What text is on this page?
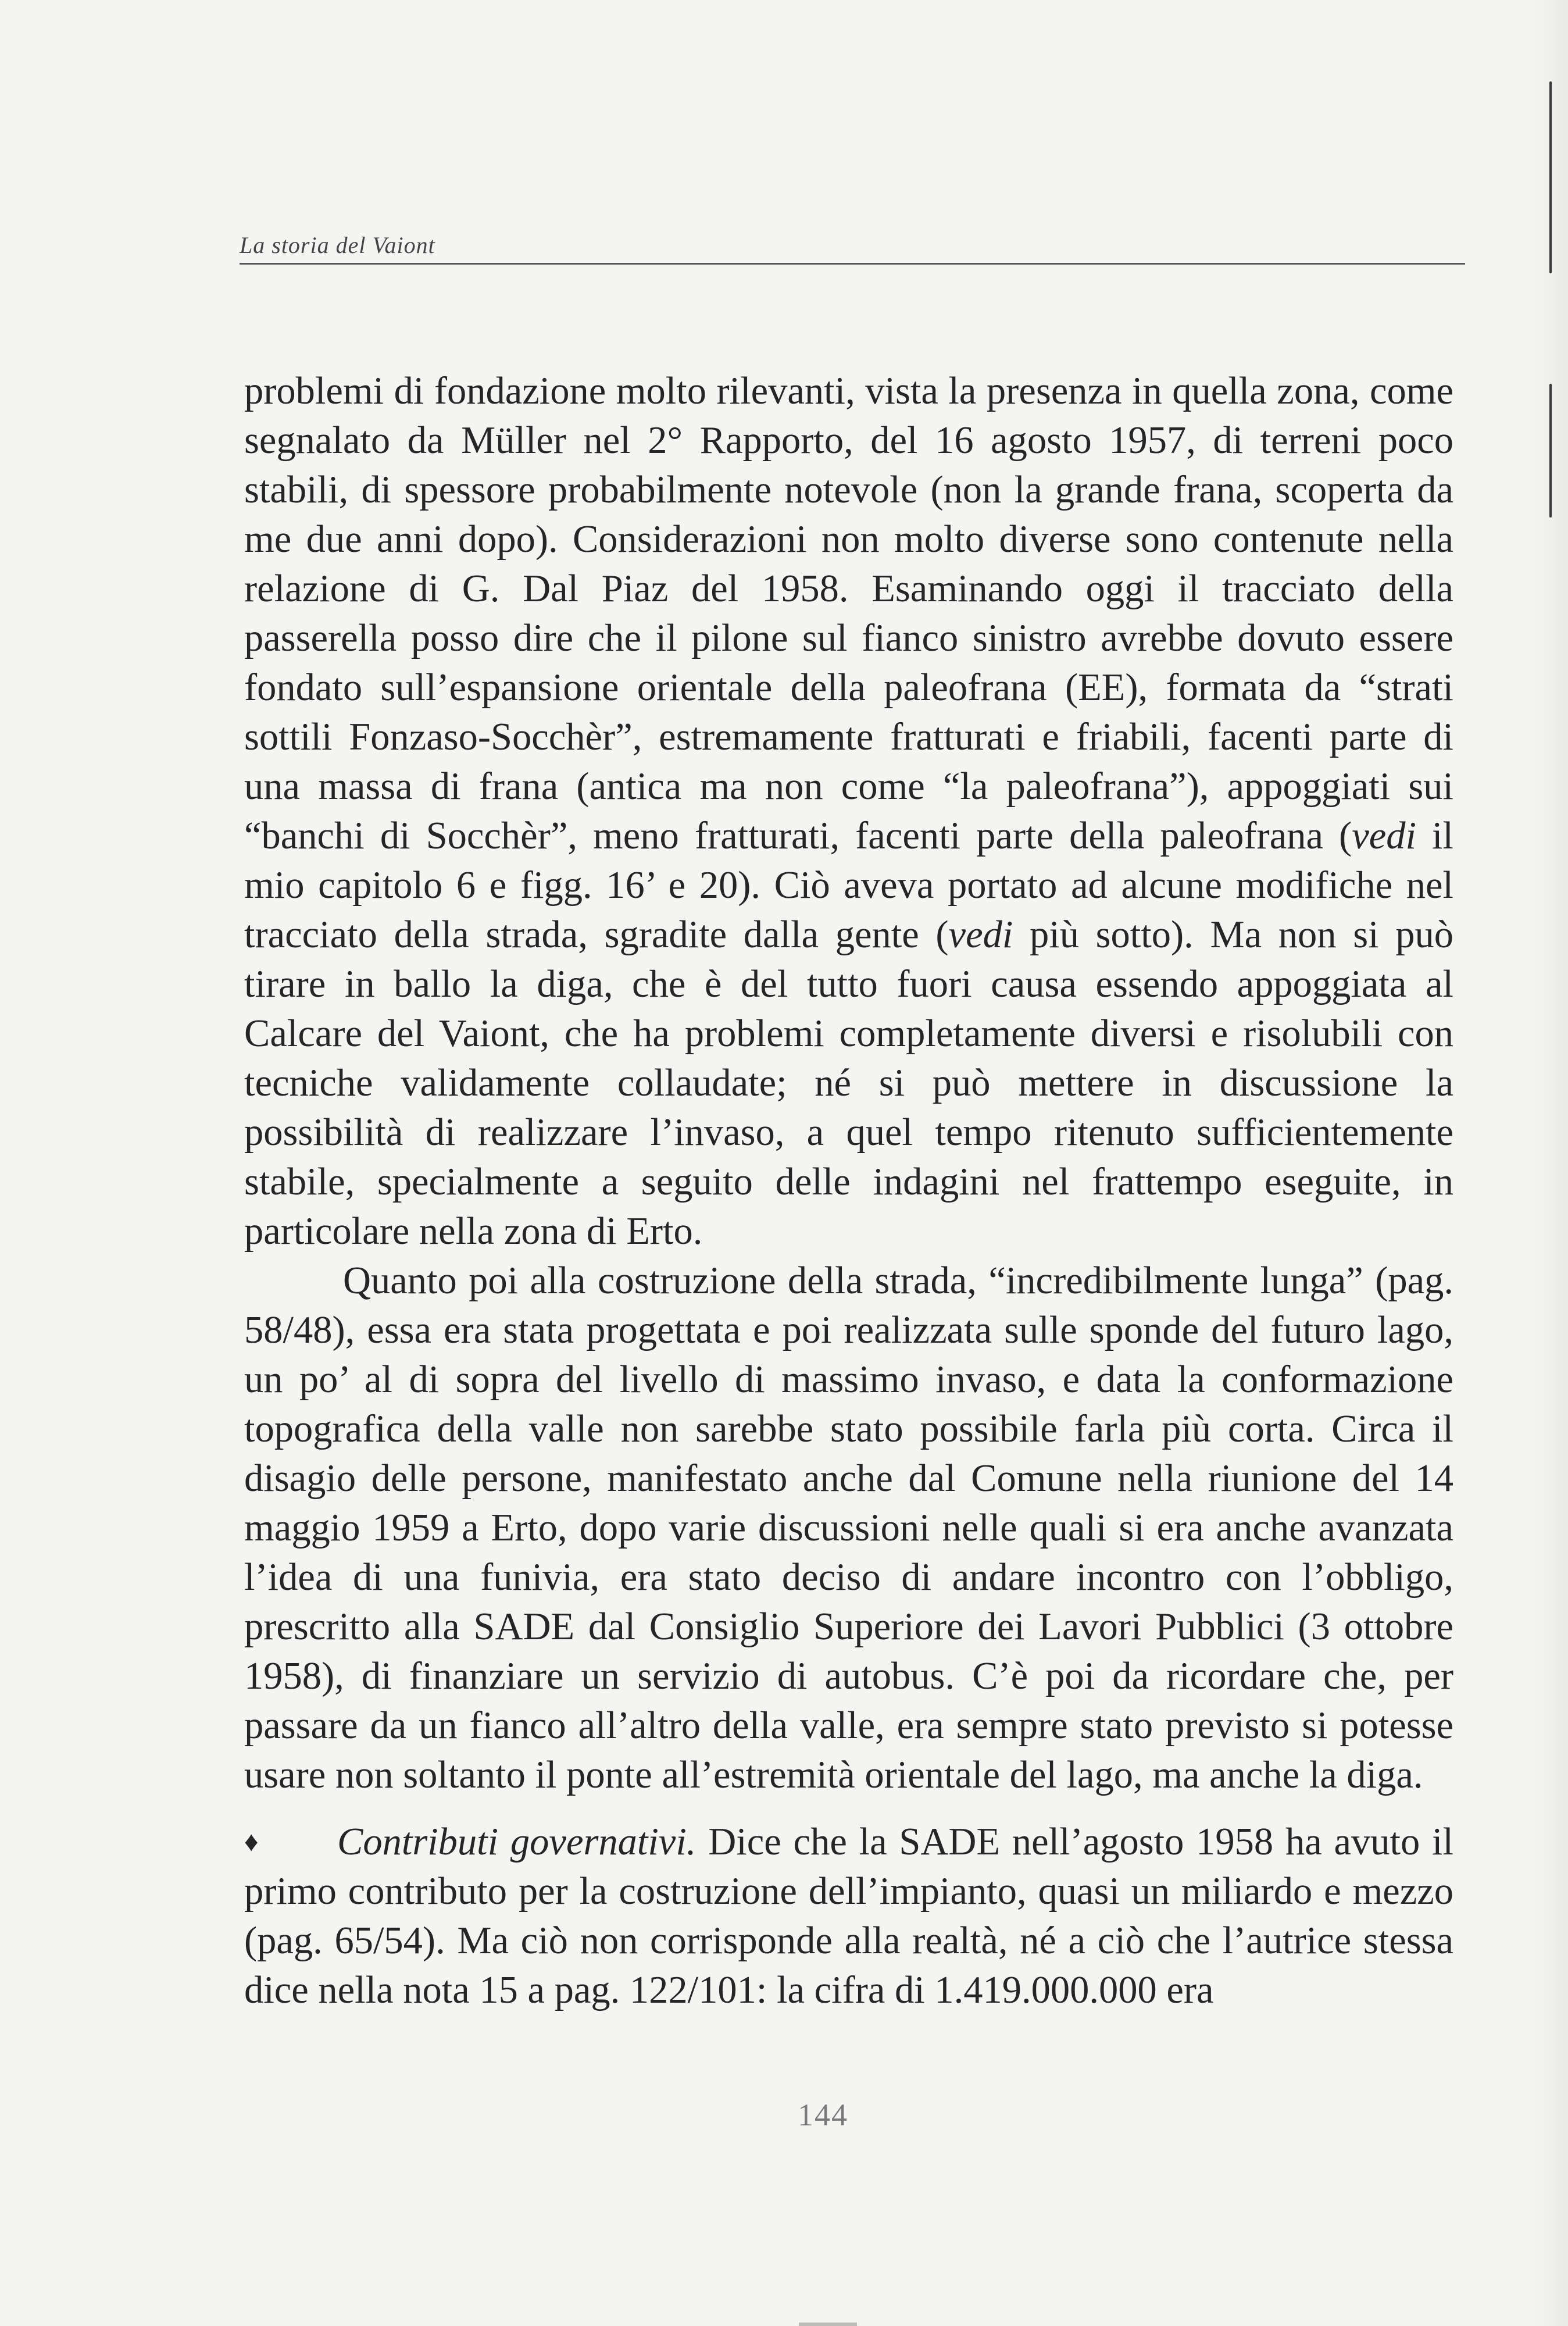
La storia del Vaiont

problemi di fondazione molto rilevanti, vista la presenza in quella zona, come segnalato da Müller nel 2° Rapporto, del 16 agosto 1957, di terreni poco stabili, di spessore probabilmente notevole (non la grande frana, scoperta da me due anni dopo). Considerazioni non molto diverse sono contenute nella relazione di G. Dal Piaz del 1958. Esaminando oggi il tracciato della passerella posso dire che il pilone sul fianco sinistro avrebbe dovuto essere fondato sull’espansione orientale della paleofrana (EE), formata da “strati sottili Fonzaso-Socchèr”, estremamente fratturati e friabili, facenti parte di una massa di frana (antica ma non come “la paleofrana”), appoggiati sui “banchi di Socchèr”, meno fratturati, facenti parte della paleofrana (vedi il mio capitolo 6 e figg. 16’ e 20). Ciò aveva portato ad alcune modifiche nel tracciato della strada, sgradite dalla gente (vedi più sotto). Ma non si può tirare in ballo la diga, che è del tutto fuori causa essendo appoggiata al Calcare del Vaiont, che ha problemi completamente diversi e risolubili con tecniche validamente collaudate; né si può mettere in discussione la possibilità di realizzare l’invaso, a quel tempo ritenuto sufficientemente stabile, specialmente a seguito delle indagini nel frattempo eseguite, in particolare nella zona di Erto.

Quanto poi alla costruzione della strada, “incredibilmente lunga” (pag. 58/48), essa era stata progettata e poi realizzata sulle sponde del futuro lago, un po’ al di sopra del livello di massimo invaso, e data la conformazione topografica della valle non sarebbe stato possibile farla più corta. Circa il disagio delle persone, manifestato anche dal Comune nella riunione del 14 maggio 1959 a Erto, dopo varie discussioni nelle quali si era anche avanzata l’idea di una funivia, era stato deciso di andare incontro con l’obbligo, prescritto alla SADE dal Consiglio Superiore dei Lavori Pubblici (3 ottobre 1958), di finanziare un servizio di autobus. C’è poi da ricordare che, per passare da un fianco all’altro della valle, era sempre stato previsto si potesse usare non soltanto il ponte all’estremità orientale del lago, ma anche la diga.

♦ Contributi governativi. Dice che la SADE nell’agosto 1958 ha avuto il primo contributo per la costruzione dell’impianto, quasi un miliardo e mezzo (pag. 65/54). Ma ciò non corrisponde alla realtà, né a ciò che l’autrice stessa dice nella nota 15 a pag. 122/101: la cifra di 1.419.000.000 era

144
